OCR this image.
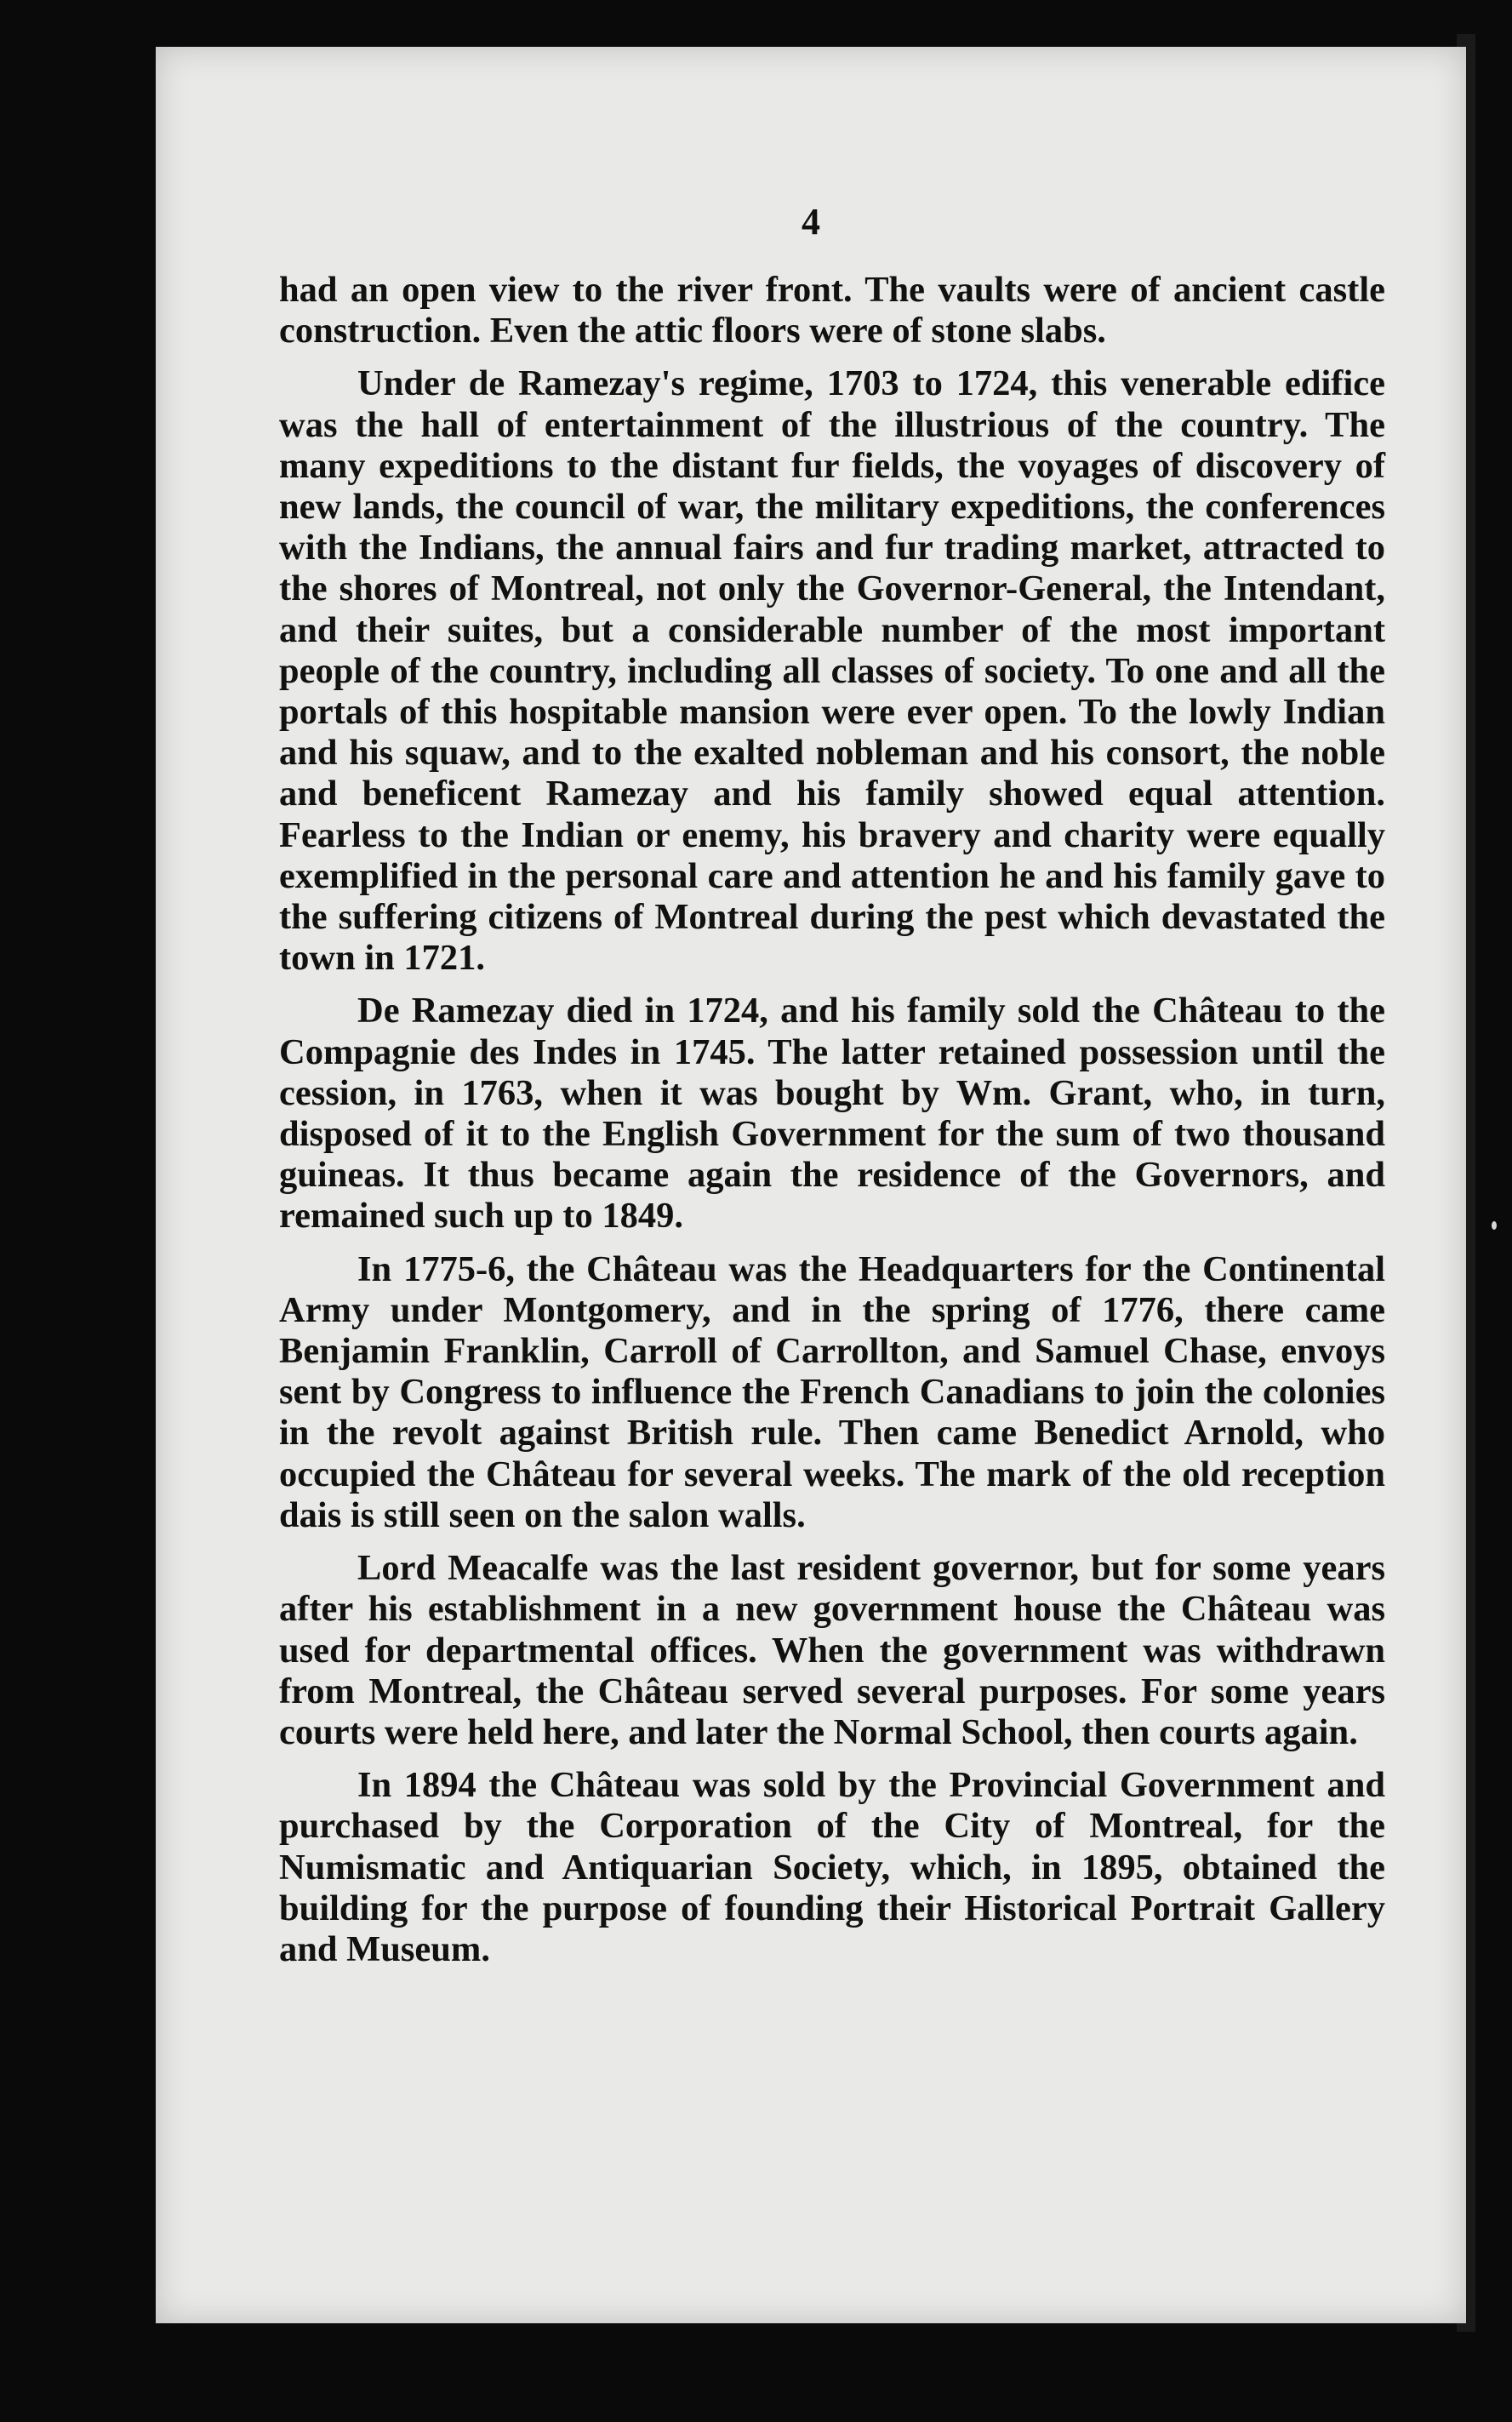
4

had an open view to the river front. The vaults were of ancient castle construction. Even the attic floors were of stone slabs.

Under de Ramezay's regime, 1703 to 1724, this venerable edifice was the hall of entertainment of the illustrious of the country. The many expeditions to the distant fur fields, the voyages of discovery of new lands, the council of war, the military expeditions, the conferences with the Indians, the annual fairs and fur trading market, attracted to the shores of Montreal, not only the Governor-General, the Intendant, and their suites, but a considerable number of the most important people of the country, including all classes of society. To one and all the portals of this hospitable mansion were ever open. To the lowly Indian and his squaw, and to the exalted nobleman and his consort, the noble and beneficent Ramezay and his family showed equal attention. Fearless to the Indian or enemy, his bravery and charity were equally exemplified in the personal care and attention he and his family gave to the suffering citizens of Montreal during the pest which devastated the town in 1721.

De Ramezay died in 1724, and his family sold the Château to the Compagnie des Indes in 1745. The latter retained possession until the cession, in 1763, when it was bought by Wm. Grant, who, in turn, disposed of it to the English Government for the sum of two thousand guineas. It thus became again the residence of the Governors, and remained such up to 1849.

In 1775-6, the Château was the Headquarters for the Continental Army under Montgomery, and in the spring of 1776, there came Benjamin Franklin, Carroll of Carrollton, and Samuel Chase, envoys sent by Congress to influence the French Canadians to join the colonies in the revolt against British rule. Then came Benedict Arnold, who occupied the Château for several weeks. The mark of the old reception dais is still seen on the salon walls.

Lord Meacalfe was the last resident governor, but for some years after his establishment in a new government house the Château was used for departmental offices. When the government was withdrawn from Montreal, the Château served several purposes. For some years courts were held here, and later the Normal School, then courts again.

In 1894 the Château was sold by the Provincial Government and purchased by the Corporation of the City of Montreal, for the Numismatic and Antiquarian Society, which, in 1895, obtained the building for the purpose of founding their Historical Portrait Gallery and Museum.
